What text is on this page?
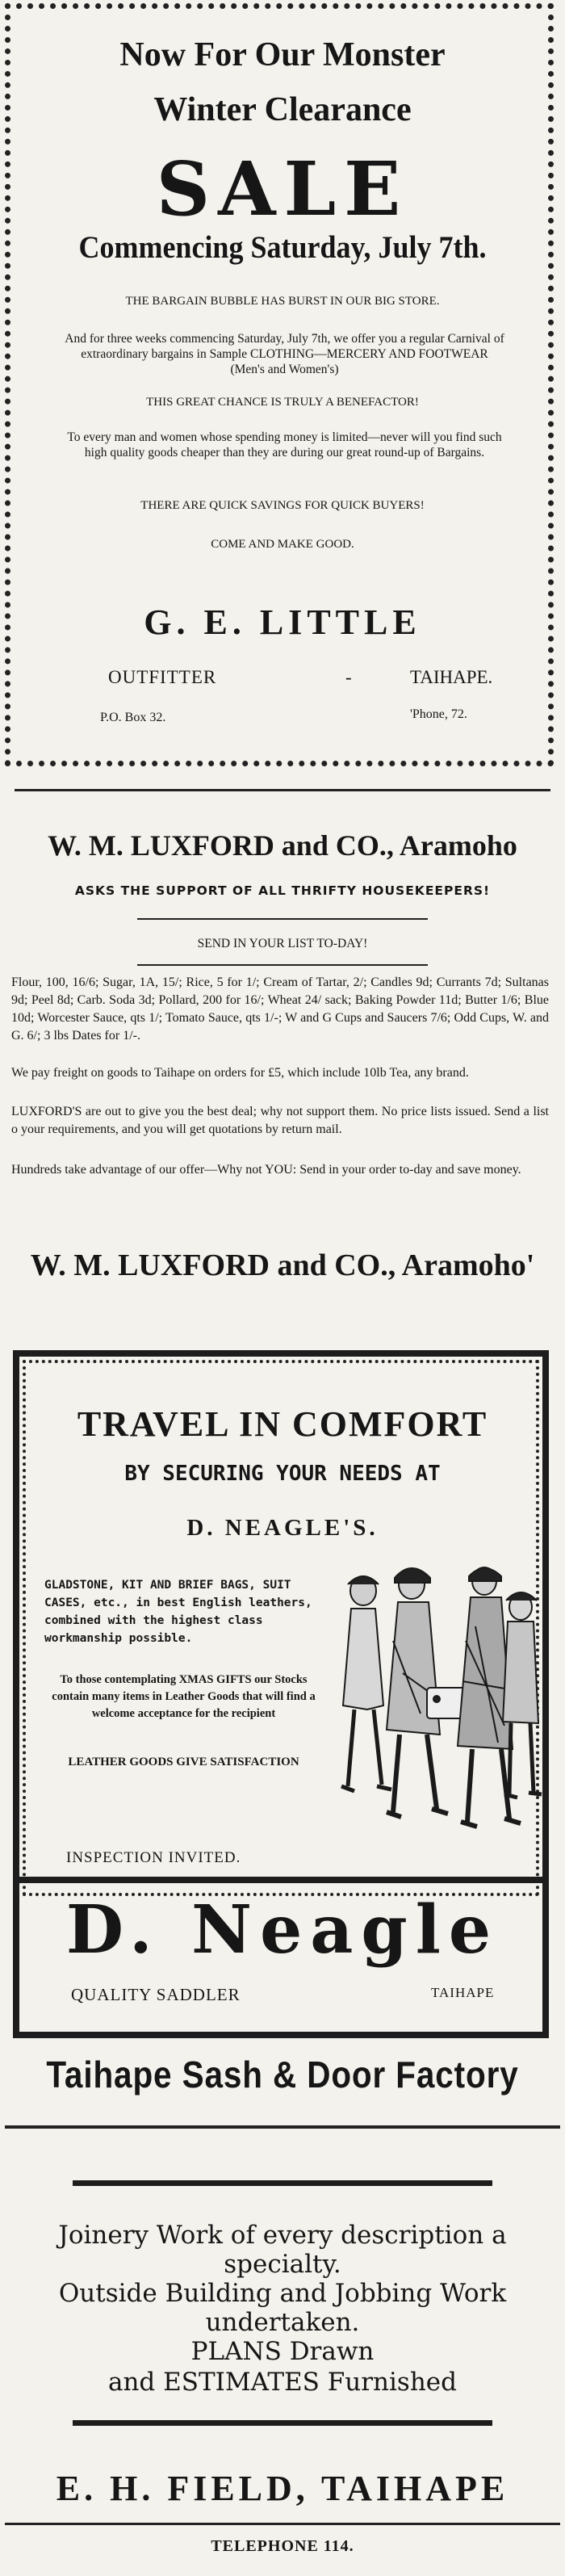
Now For Our Monster
Winter Clearance
SALE
Commencing Saturday, July 7th.
THE BARGAIN BUBBLE HAS BURST IN OUR BIG STORE.
And for three weeks commencing Saturday, July 7th, we offer you a regular Carnival of extraordinary bargains in Sample CLOTHING—MERCERY AND FOOTWEAR (Men's and Women's)
THIS GREAT CHANCE IS TRULY A BENEFACTOR!
To every man and women whose spending money is limited—never will you find such high quality goods cheaper than they are during our great round-up of Bargains.
THERE ARE QUICK SAVINGS FOR QUICK BUYERS!
COME AND MAKE GOOD.
G. E. LITTLE
OUTFITTER	-	TAIHAPE.
P.O. Box 32.	'Phone, 72.
W. M. LUXFORD and CO., Aramoho
ASKS THE SUPPORT OF ALL THRIFTY HOUSEKEEPERS!
SEND IN YOUR LIST TO-DAY!

Flour, 100, 16/6; Sugar, 1A, 15/; Rice, 5 for 1/; Cream of Tartar, 2/; Candles 9d; Currants 7d; Sultanas 9d; Peel 8d; Carb. Soda 3d; Pollard, 200 for 16/; Wheat 24/ sack; Baking Powder 11d; Butter 1/6; Blue 10d; Worcester Sauce, qts 1/; Tomato Sauce, qts 1/-; W and G Cups and Saucers 7/6; Odd Cups, W. and G. 6/; 3 lbs Dates for 1/-.

We pay freight on goods to Taihape on orders for £5, which include 10lb Tea, any brand.

LUXFORD'S are out to give you the best deal; why not support them. No price lists issued. Send a list o your requirements, and you will get quotations by return mail.

Hundreds take advantage of our offer—Why not YOU: Send in your order to-day and save money.

W. M. LUXFORD and CO., Aramoho'
TRAVEL IN COMFORT
BY SECURING YOUR NEEDS AT
D. NEAGLE'S.

GLADSTONE, KIT AND BRIEF BAGS, SUIT CASES, etc., in best English leathers, combined with the highest class workmanship possible.

To those contemplating XMAS GIFTS our Stocks contain many items in Leather Goods that will find a welcome acceptance for the recipient

LEATHER GOODS GIVE SATISFACTION

INSPECTION INVITED.
D. Neagle
QUALITY SADDLER	TAIHAPE
Taihape Sash & Door Factory

Joinery Work of every description a specialty.

Outside Building and Jobbing Work undertaken.

PLANS Drawn

and ESTIMATES Furnished

E. H. FIELD, TAIHAPE
TELEPHONE 114.
